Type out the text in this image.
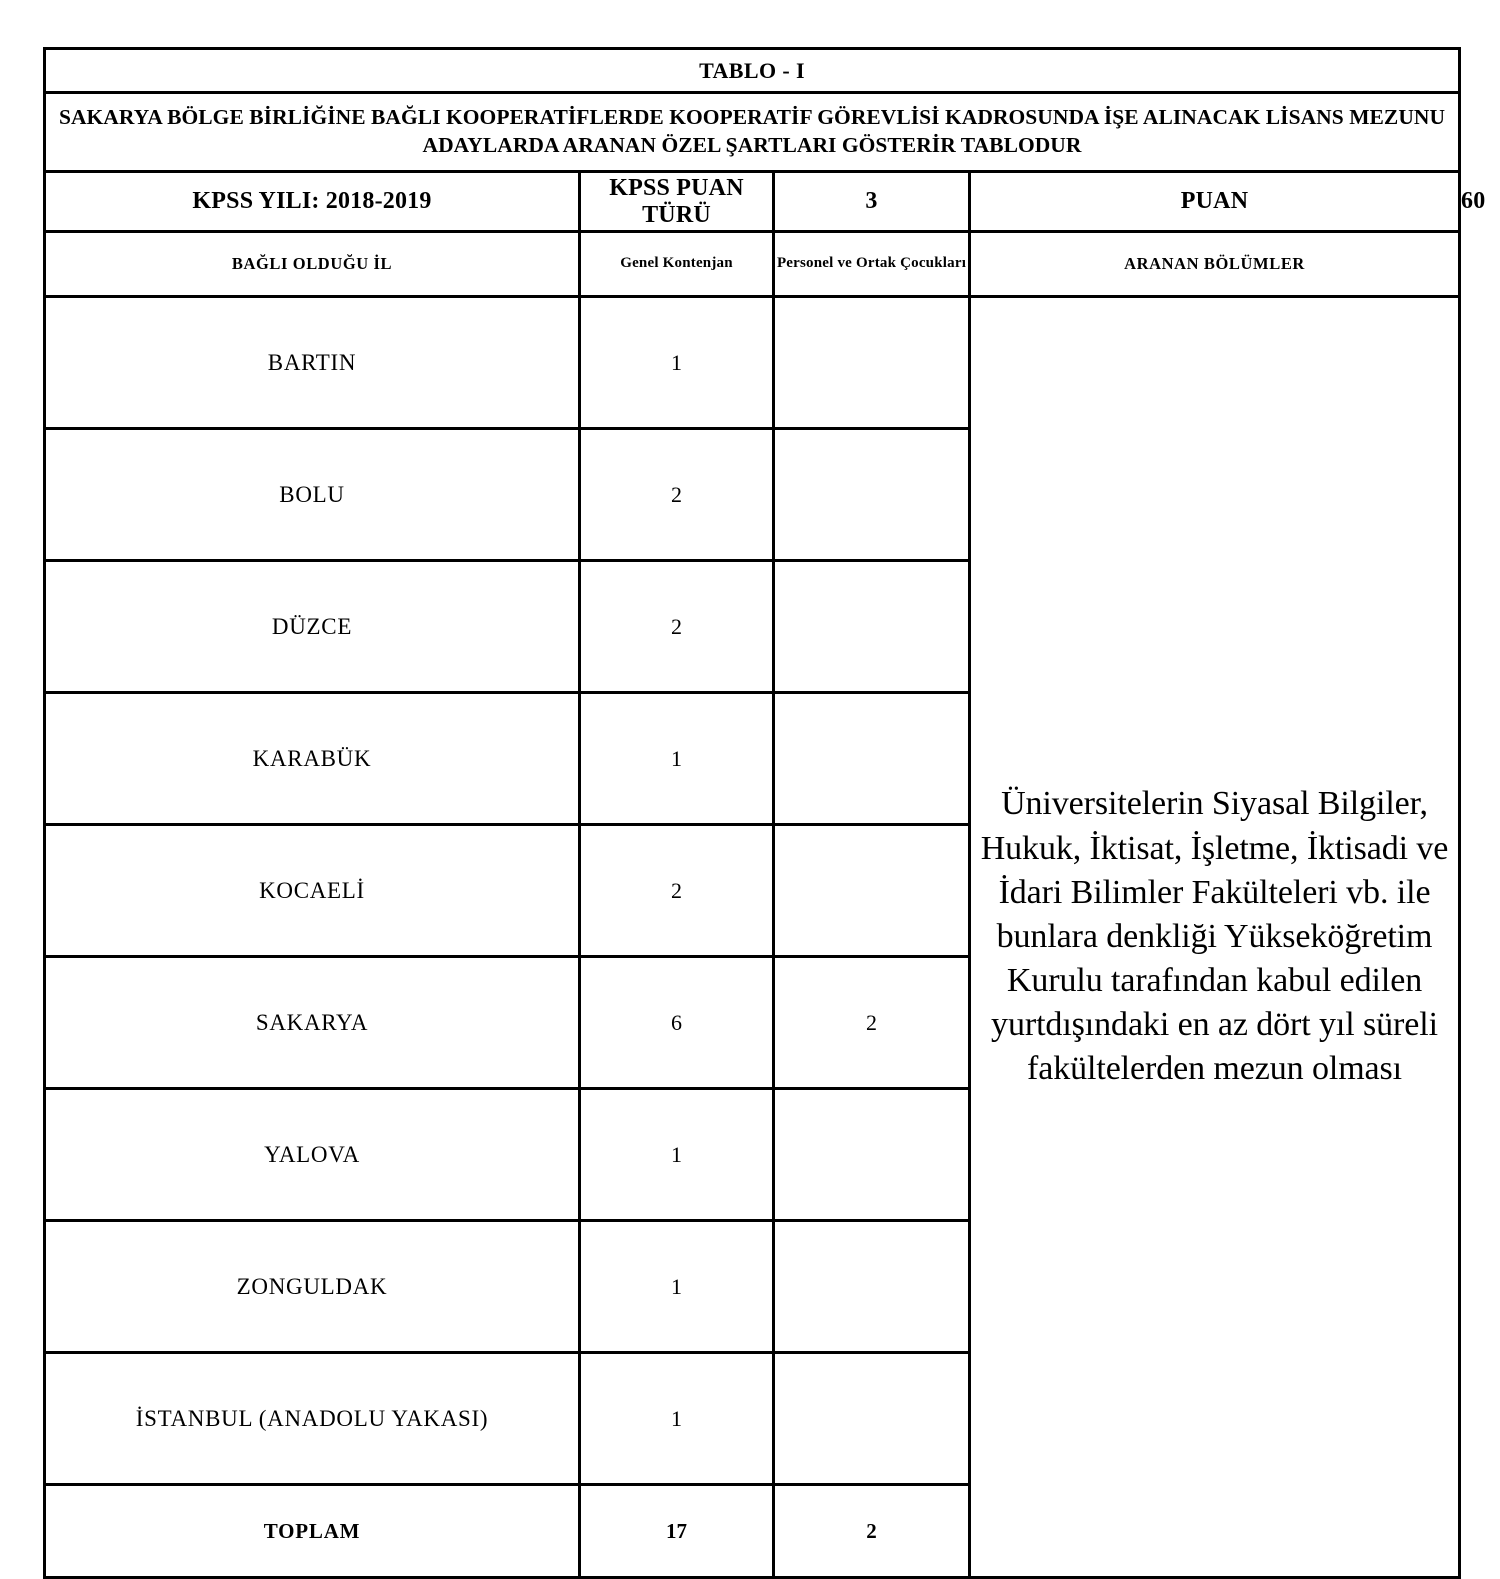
TABLO - I				

SAKARYA BÖLGE BİRLİĞİNE BAĞLI KOOPERATİFLERDE KOOPERATİF GÖREVLİSİ KADROSUNDA İŞE ALINACAK LİSANS MEZUNU ADAYLARDA ARANAN ÖZEL ŞARTLARI GÖSTERİR TABLODUR				

KPSS YILI: 2018-2019	KPSS PUAN TÜRÜ	3	PUAN	60
BAĞLI OLDUĞU İL	Genel Kontenjan	Personel ve Ortak Çocukları	ARANAN BÖLÜMLER	
BARTIN	1		Üniversitelerin Siyasal Bilgiler, Hukuk, İktisat, İşletme, İktisadi ve İdari Bilimler Fakülteleri vb. ile bunlara denkliği Yükseköğretim Kurulu tarafından kabul edilen yurtdışındaki en az dört yıl süreli fakültelerden mezun olması	

BOLU	2			
DÜZCE	2			
KARABÜK	1			
KOCAELİ	2			
SAKARYA	6	2		
YALOVA	1			
ZONGULDAK	1			
İSTANBUL (ANADOLU YAKASI)	1			
TOPLAM	17	2		
